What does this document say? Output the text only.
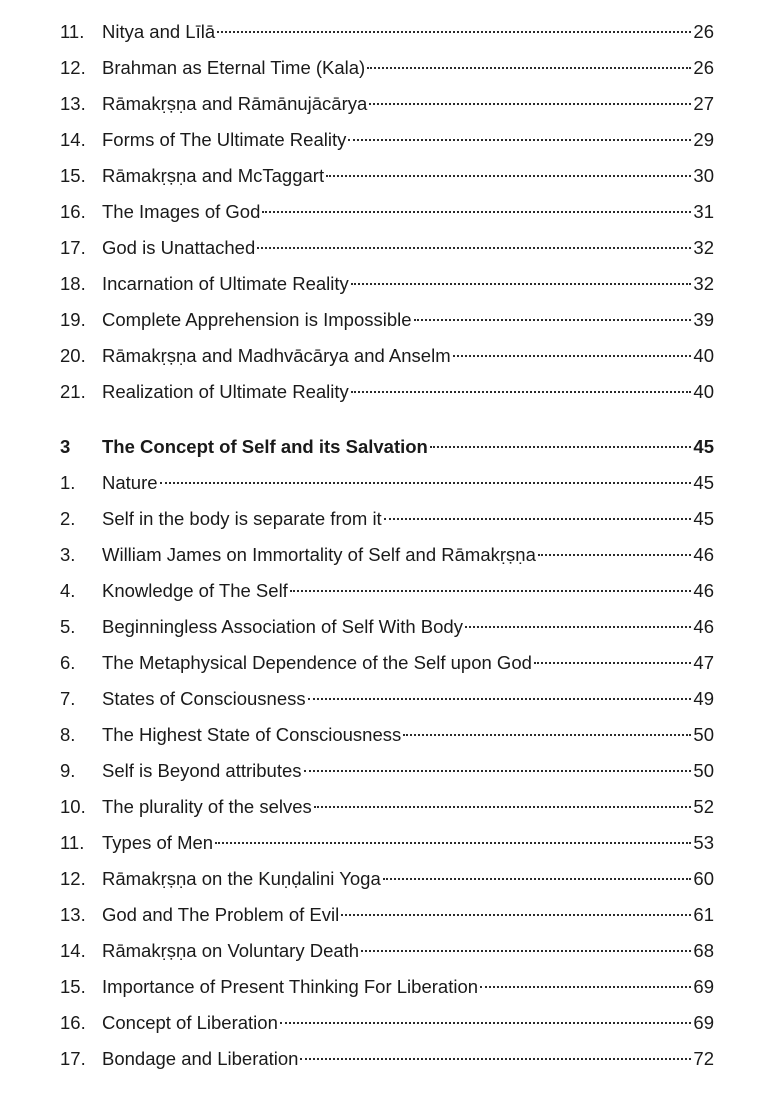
11. Nitya and Līlā	26
12. Brahman as Eternal Time (Kala)	26
13. Rāmakṛṣṇa and Rāmānujācārya	27
14. Forms of The Ultimate Reality	29
15. Rāmakṛṣṇa and McTaggart	30
16. The Images of God	31
17. God is Unattached	32
18. Incarnation of Ultimate Reality	32
19. Complete Apprehension is Impossible	39
20. Rāmakṛṣṇa and Madhvācārya and Anselm	40
21. Realization of Ultimate Reality	40
3	The Concept of Self and its Salvation	45
1.	Nature	45
2.	Self in the body is separate from it	45
3.	William James on Immortality of Self and Rāmakṛṣṇa	46
4.	Knowledge of The Self	46
5.	Beginningless Association of Self With Body	46
6.	The Metaphysical Dependence of the Self upon God	47
7.	States of Consciousness	49
8.	The Highest State of Consciousness	50
9.	Self is Beyond attributes	50
10. The plurality of the selves	52
11. Types of Men	53
12. Rāmakṛṣṇa on the Kuṇḍalini Yoga	60
13. God and The Problem of Evil	61
14. Rāmakṛṣṇa on Voluntary Death	68
15. Importance of Present Thinking For Liberation	69
16. Concept of Liberation	69
17. Bondage and Liberation	72
